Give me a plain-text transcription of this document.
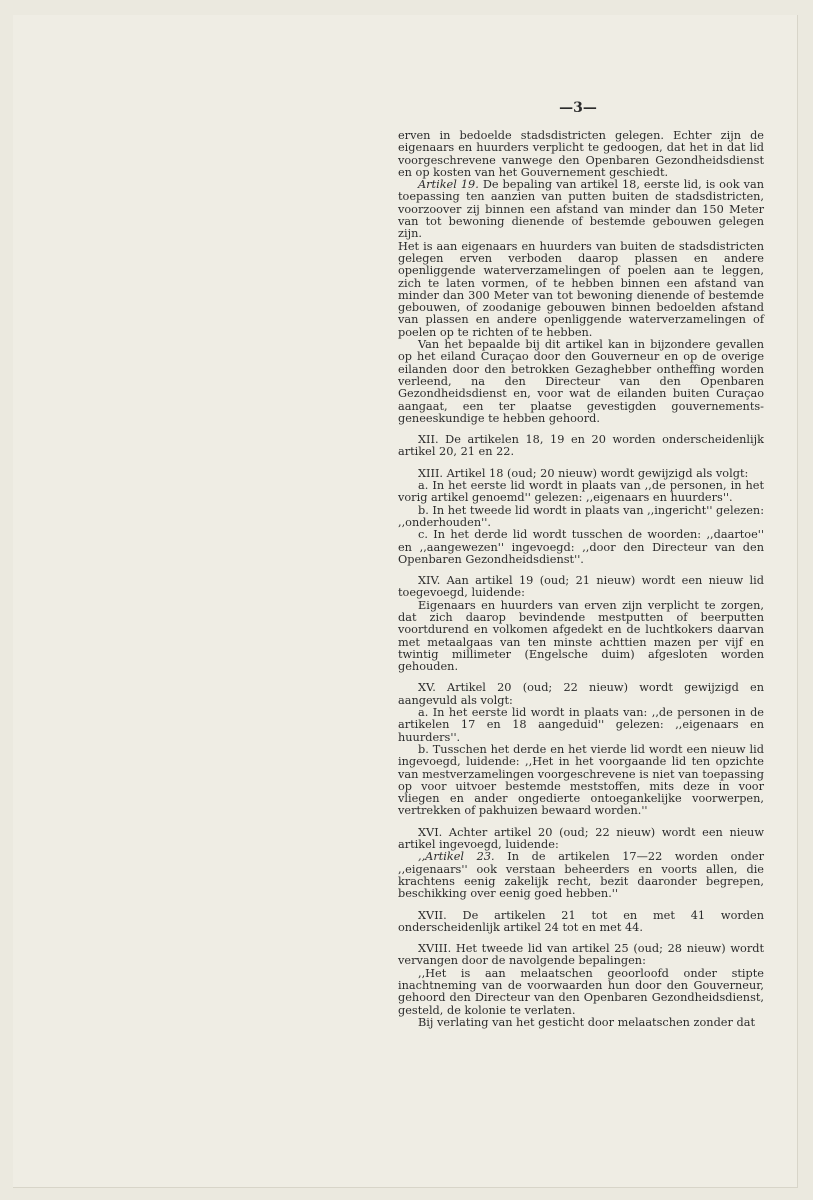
—3—

erven in bedoelde stadsdistricten gelegen. Echter zijn de eigenaars en huurders verplicht te gedoogen, dat het in dat lid voorgeschrevene vanwege den Openbaren Gezondheidsdienst en op kosten van het Gouvernement geschiedt.

Artikel 19. De bepaling van artikel 18, eerste lid, is ook van toepassing ten aanzien van putten buiten de stadsdistricten, voorzoover zij binnen een afstand van minder dan 150 Meter van tot bewoning dienende of bestemde gebouwen gelegen zijn.

Het is aan eigenaars en huurders van buiten de stadsdistricten gelegen erven verboden daarop plassen en andere openliggende waterverzamelingen of poelen aan te leggen, zich te laten vormen, of te hebben binnen een afstand van minder dan 300 Meter van tot bewoning dienende of bestemde gebouwen, of zoodanige gebouwen binnen bedoelden afstand van plassen en andere openliggende waterverzamelingen of poelen op te richten of te hebben.

Van het bepaalde bij dit artikel kan in bijzondere gevallen op het eiland Curaçao door den Gouverneur en op de overige eilanden door den betrokken Gezaghebber ontheffing worden verleend, na den Directeur van den Openbaren Gezondheidsdienst en, voor wat de eilanden buiten Curaçao aangaat, een ter plaatse gevestigden gouvernements-geneeskundige te hebben gehoord.

XII. De artikelen 18, 19 en 20 worden onderscheidenlijk artikel 20, 21 en 22.

XIII. Artikel 18 (oud; 20 nieuw) wordt gewijzigd als volgt:

a. In het eerste lid wordt in plaats van ,,de personen, in het vorig artikel genoemd'' gelezen: ,,eigenaars en huurders''.

b. In het tweede lid wordt in plaats van ,,ingericht'' gelezen: ,,onderhouden''.

c. In het derde lid wordt tusschen de woorden: ,,daartoe'' en ,,aangewezen'' ingevoegd: ,,door den Directeur van den Openbaren Gezondheidsdienst''.

XIV. Aan artikel 19 (oud; 21 nieuw) wordt een nieuw lid toegevoegd, luidende:

Eigenaars en huurders van erven zijn verplicht te zorgen, dat zich daarop bevindende mestputten of beerputten voortdurend en volkomen afgedekt en de luchtkokers daarvan met metaalgaas van ten minste achttien mazen per vijf en twintig millimeter (Engelsche duim) afgesloten worden gehouden.

XV. Artikel 20 (oud; 22 nieuw) wordt gewijzigd en aangevuld als volgt:

a. In het eerste lid wordt in plaats van: ,,de personen in de artikelen 17 en 18 aangeduid'' gelezen: ,,eigenaars en huurders''.

b. Tusschen het derde en het vierde lid wordt een nieuw lid ingevoegd, luidende: ,,Het in het voorgaande lid ten opzichte van mestverzamelingen voorgeschrevene is niet van toepassing op voor uitvoer bestemde meststoffen, mits deze in voor vliegen en ander ongedierte ontoegankelijke voorwerpen, vertrekken of pakhuizen bewaard worden.''

XVI. Achter artikel 20 (oud; 22 nieuw) wordt een nieuw artikel ingevoegd, luidende:

,,Artikel 23. In de artikelen 17—22 worden onder ,,eigenaars'' ook verstaan beheerders en voorts allen, die krachtens eenig zakelijk recht, bezit daaronder begrepen, beschikking over eenig goed hebben.''

XVII. De artikelen 21 tot en met 41 worden onderscheidenlijk artikel 24 tot en met 44.

XVIII. Het tweede lid van artikel 25 (oud; 28 nieuw) wordt vervangen door de navolgende bepalingen:

,,Het is aan melaatschen geoorloofd onder stipte inachtneming van de voorwaarden hun door den Gouverneur, gehoord den Directeur van den Openbaren Gezondheidsdienst, gesteld, de kolonie te verlaten.

Bij verlating van het gesticht door melaatschen zonder dat
